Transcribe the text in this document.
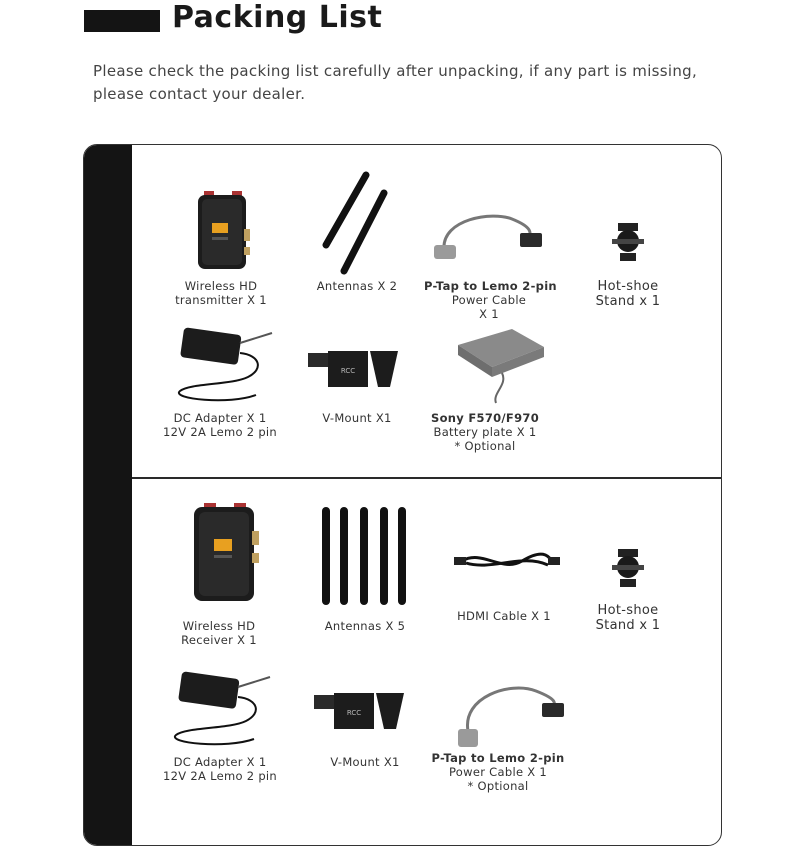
Packing List
Please check the packing list carefully after unpacking, if any part is missing,
please contact your dealer.
RCC
Wireless HD
transmitter X 1
Antennas X 2	P-Tap to Lemo 2-pin
Power Cable
X 1
Hot-shoe
Stand x 1
DC Adapter X 1
12V 2A Lemo 2 pin
V-Mount X1	Sony F570/F970
Battery plate X 1
* Optional
RCC
Wireless HD
Receiver X 1
Antennas X 5
HDMI Cable X 1	Hot-shoe
Stand x 1
DC Adapter X 1
12V 2A Lemo 2 pin
V-Mount X1	P-Tap to Lemo 2-pin
Power Cable X 1
* Optional
